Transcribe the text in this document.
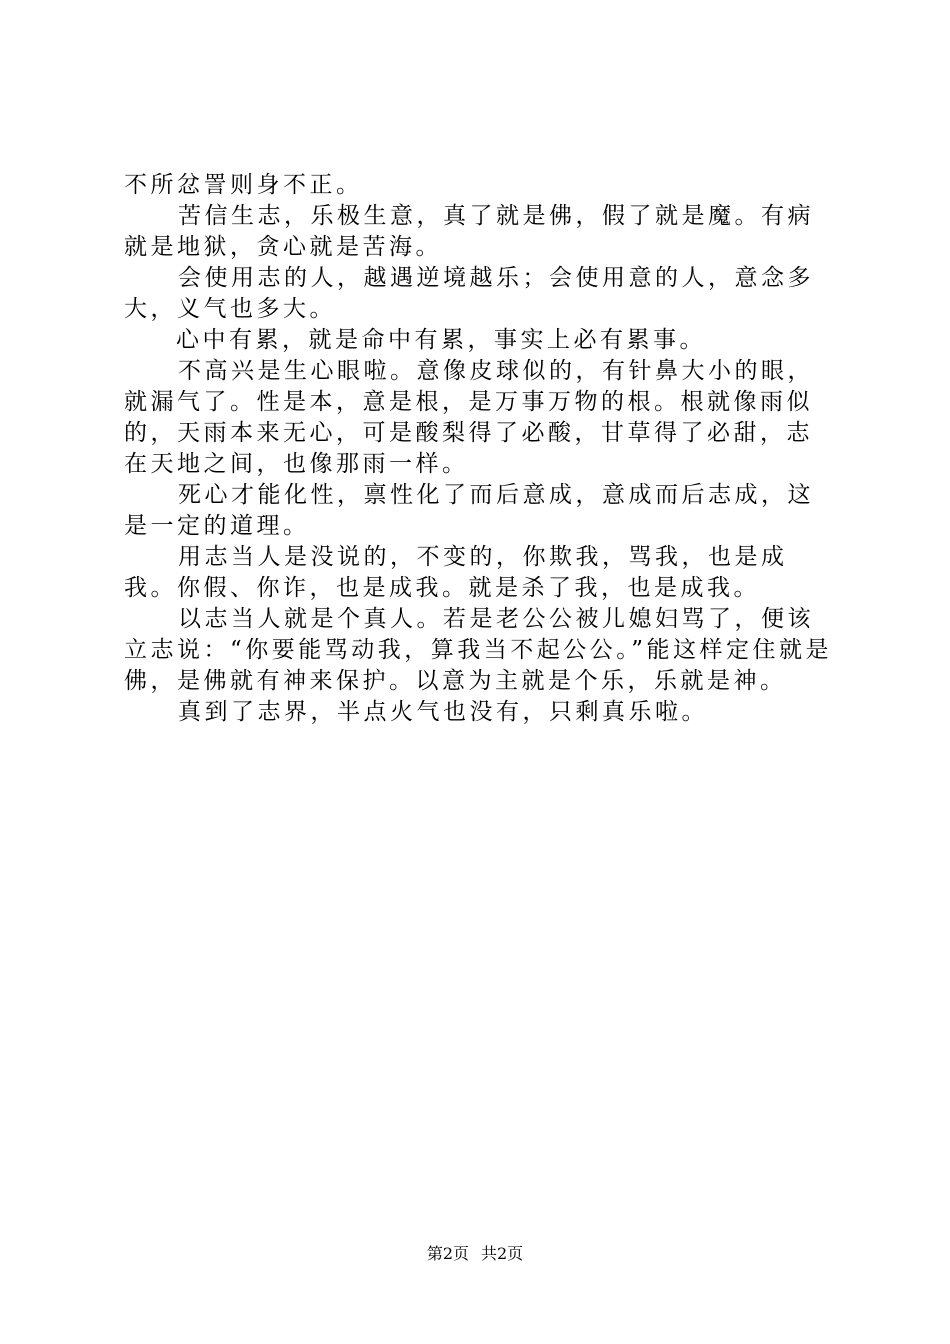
不所忿詈则身不正。

苦信生志，乐极生意，真了就是佛，假了就是魔。有病就是地狱，贪心就是苦海。

会使用志的人，越遇逆境越乐；会使用意的人，意念多大，义气也多大。

心中有累，就是命中有累，事实上必有累事。

不高兴是生心眼啦。意像皮球似的，有针鼻大小的眼，就漏气了。性是本，意是根，是万事万物的根。根就像雨似的，天雨本来无心，可是酸梨得了必酸，甘草得了必甜，志在天地之间，也像那雨一样。

死心才能化性，禀性化了而后意成，意成而后志成，这是一定的道理。

用志当人是没说的，不变的，你欺我，骂我，也是成我。你假、你诈，也是成我。就是杀了我，也是成我。

以志当人就是个真人。若是老公公被儿媳妇骂了，便该立志说：“你要能骂动我，算我当不起公公。”能这样定住就是佛，是佛就有神来保护。以意为主就是个乐，乐就是神。

真到了志界，半点火气也没有，只剩真乐啦。

第2页 共2页
